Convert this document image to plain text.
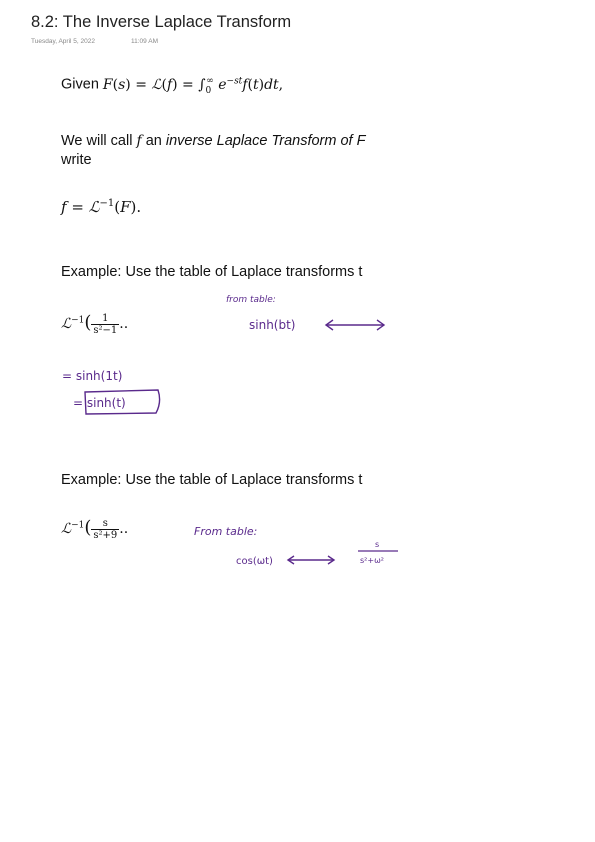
8.2: The Inverse Laplace Transform
Tuesday, April 5, 2022	11:09 AM
Given F(s) = ℒ(f) = $\int_0^\infty$ $e^{-st}f(t)dt$,
We will call f an inverse Laplace Transform of F
write
f = ℒ$^{-1}$(F).
Example: Use the table of Laplace transforms t
ℒ$^{-1}$( $\frac{1}{\text{s²−1}}$ ..
Example: Use the table of Laplace transforms t
ℒ$^{-1}$( $\frac{s}{\text{s²+9}}$ ..
from table:
sinh(bt)
= sinh(1t)
= sinh(t)
From table:
cos(ωt)
s
s²+ω²
